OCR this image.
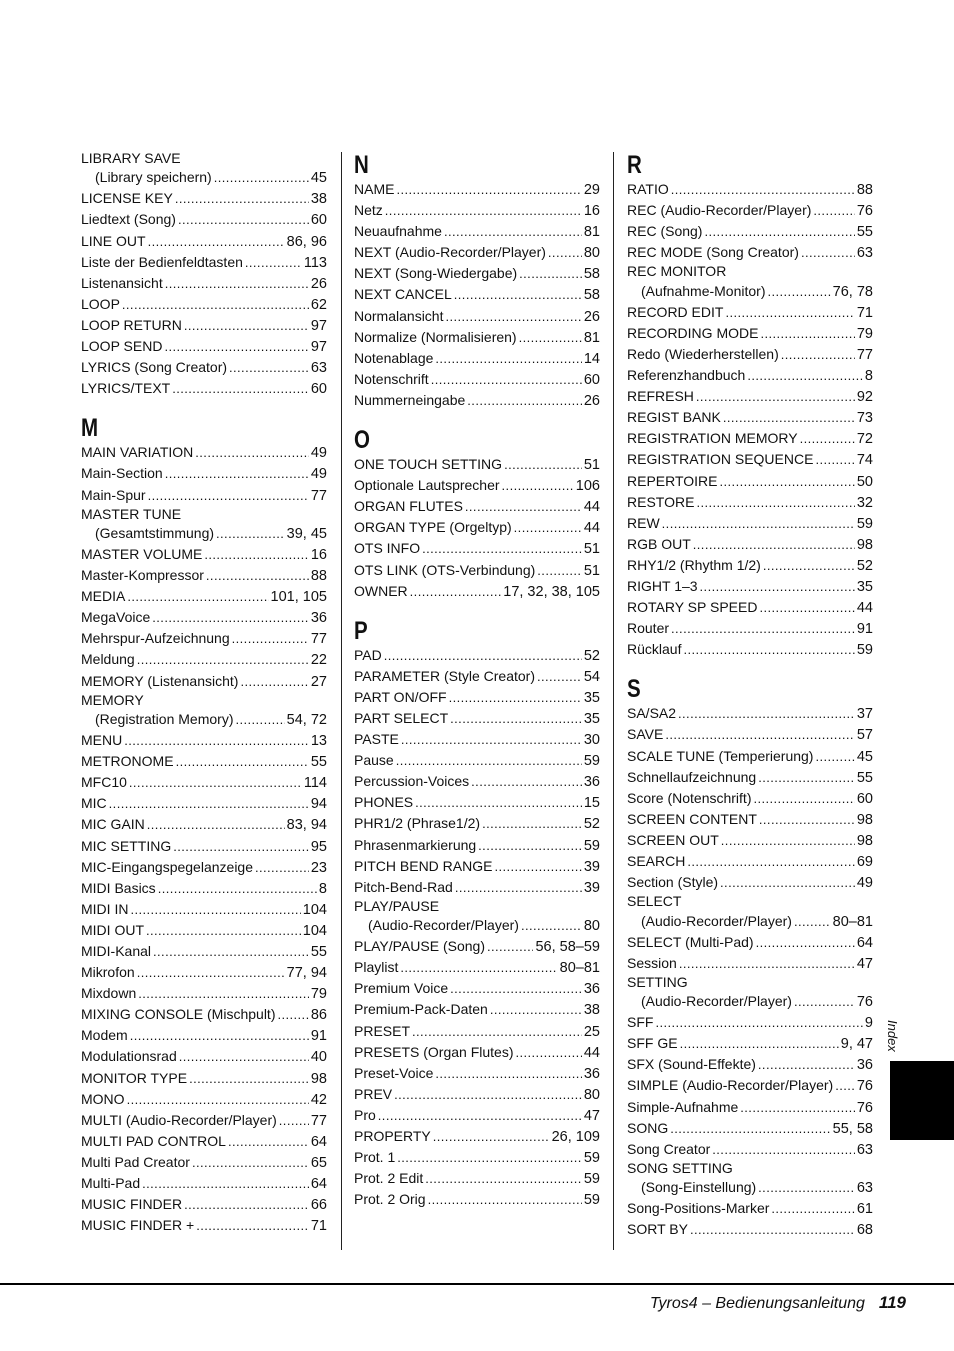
LIBRARY SAVE
(Library speichern) .....	45
LICENSE KEY .....	38
Liedtext (Song) .....	60
LINE OUT .....	86, 96
Liste der Bedienfeldtasten .....	113
Listenansicht .....	26
LOOP .....	62
LOOP RETURN .....	97
LOOP SEND .....	97
LYRICS (Song Creator) .....	63
LYRICS/TEXT .....	60
M
MAIN VARIATION .....	49
Main-Section .....	49
Main-Spur .....	77
MASTER TUNE
(Gesamtstimmung) .....	39, 45
MASTER VOLUME .....	16
Master-Kompressor .....	88
MEDIA .....	101, 105
MegaVoice .....	36
Mehrspur-Aufzeichnung .....	77
Meldung .....	22
MEMORY (Listenansicht) .....	27
MEMORY
(Registration Memory) .....	54, 72
MENU .....	13
METRONOME .....	55
MFC10 .....	114
MIC .....	94
MIC GAIN .....	83, 94
MIC SETTING .....	95
MIC-Eingangspegelanzeige .....	23
MIDI Basics .....	8
MIDI IN .....	104
MIDI OUT .....	104
MIDI-Kanal .....	55
Mikrofon .....	77, 94
Mixdown .....	79
MIXING CONSOLE (Mischpult) ..... 86
Modem .....	91
Modulationsrad .....	40
MONITOR TYPE .....	98
MONO .....	42
MULTI (Audio-Recorder/Player) ..... 77
MULTI PAD CONTROL .....	64
Multi Pad Creator .....	65
Multi-Pad .....	64
MUSIC FINDER .....	66
MUSIC FINDER + .....	71
N
NAME .....	29
Netz .....	16
Neuaufnahme .....	81
NEXT (Audio-Recorder/Player) .....	80
NEXT (Song-Wiedergabe) .....	58
NEXT CANCEL .....	58
Normalansicht .....	26
Normalize (Normalisieren) .....	81
Notenablage .....	14
Notenschrift .....	60
Nummerneingabe .....	26
O
ONE TOUCH SETTING .....	51
Optionale Lautsprecher .....	106
ORGAN FLUTES .....	44
ORGAN TYPE (Orgeltyp) .....	44
OTS INFO .....	51
OTS LINK (OTS-Verbindung) .....	51
OWNER .....	17, 32, 38, 105
P
PAD .....	52
PARAMETER (Style Creator) .....	54
PART ON/OFF .....	35
PART SELECT .....	35
PASTE .....	30
Pause .....	59
Percussion-Voices .....	36
PHONES .....	15
PHR1/2 (Phrase1/2) .....	52
Phrasenmarkierung .....	59
PITCH BEND RANGE .....	39
Pitch-Bend-Rad .....	39
PLAY/PAUSE
(Audio-Recorder/Player) .....	80
PLAY/PAUSE (Song) .....	56, 58–59
Playlist .....	80–81
Premium Voice .....	36
Premium-Pack-Daten .....	38
PRESET .....	25
PRESETS (Organ Flutes) .....	44
Preset-Voice .....	36
PREV .....	80
Pro .....	47
PROPERTY .....	26, 109
Prot. 1 .....	59
Prot. 2 Edit .....	59
Prot. 2 Orig .....	59
R
RATIO .....	88
REC (Audio-Recorder/Player) .....	76
REC (Song) .....	55
REC MODE (Song Creator) .....	63
REC MONITOR
(Aufnahme-Monitor) .....	76, 78
RECORD EDIT .....	71
RECORDING MODE .....	79
Redo (Wiederherstellen) .....	77
Referenzhandbuch .....	8
REFRESH .....	92
REGIST BANK .....	73
REGISTRATION MEMORY .....	72
REGISTRATION SEQUENCE .....	74
REPERTOIRE .....	50
RESTORE .....	32
REW .....	59
RGB OUT .....	98
RHY1/2 (Rhythm 1/2) .....	52
RIGHT 1–3 .....	35
ROTARY SP SPEED .....	44
Router .....	91
Rücklauf .....	59
S
SA/SA2 .....	37
SAVE .....	57
SCALE TUNE (Temperierung) .....	45
Schnellaufzeichnung .....	55
Score (Notenschrift) .....	60
SCREEN CONTENT .....	98
SCREEN OUT .....	98
SEARCH .....	69
Section (Style) .....	49
SELECT
(Audio-Recorder/Player) .....	80–81
SELECT (Multi-Pad) .....	64
Session .....	47
SETTING
(Audio-Recorder/Player) .....	76
SFF .....	9
SFF GE .....	9, 47
SFX (Sound-Effekte) .....	36
SIMPLE (Audio-Recorder/Player) ..... 76
Simple-Aufnahme .....	76
SONG .....	55, 58
Song Creator .....	63
SONG SETTING
(Song-Einstellung) .....	63
Song-Positions-Marker .....	61
SORT BY .....	68
Index
Tyros4 – Bedienungsanleitung 119
